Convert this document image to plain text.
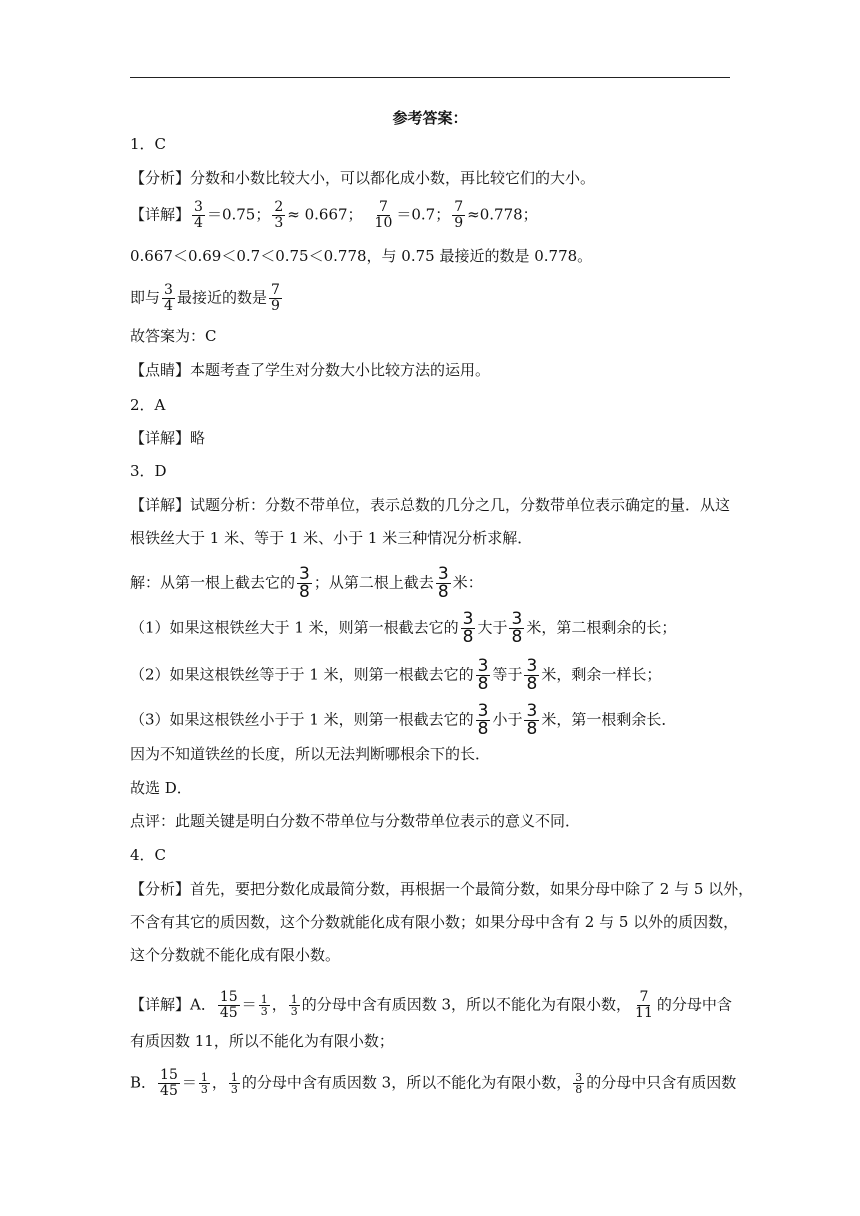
参考答案：
1．C
【分析】分数和小数比较大小，可以都化成小数，再比较它们的大小。
【详解】 $\frac{3}{4} =0.75$； $\frac{2}{3} \approx 0.667$； $\frac{7}{10} =0.7$； $\frac{7}{9} \approx 0.778$；
0.667＜0.69＜0.7＜0.75＜0.778，与 0.75 最接近的数是 0.778。
即与 $\frac{3}{4}$ 最接近的数是 $\frac{7}{9}$
故答案为：C
【点睛】本题考查了学生对分数大小比较方法的运用。
2．A
【详解】略
3．D
【详解】试题分析：分数不带单位，表示总数的几分之几，分数带单位表示确定的量．从这
根铁丝大于 1 米、等于 1 米、小于 1 米三种情况分析求解．
解：从第一根上截去它的 $\frac{3}{8}$ ；从第二根上截去 $\frac{3}{8}$ 米：
（1）如果这根铁丝大于 1 米，则第一根截去它的 $\frac{3}{8}$ 大于 $\frac{3}{8}$ 米，第二根剩余的长；
（2）如果这根铁丝等于于 1 米，则第一根截去它的 $\frac{3}{8}$ 等于 $\frac{3}{8}$ 米，剩余一样长；
（3）如果这根铁丝小于于 1 米，则第一根截去它的 $\frac{3}{8}$ 小于 $\frac{3}{8}$ 米，第一根剩余长．
因为不知道铁丝的长度，所以无法判断哪根余下的长．
故选 D．
点评：此题关键是明白分数不带单位与分数带单位表示的意义不同．
4．C
【分析】首先，要把分数化成最简分数，再根据一个最简分数，如果分母中除了 2 与 5 以外，
不含有其它的质因数，这个分数就能化成有限小数；如果分母中含有 2 与 5 以外的质因数，
这个分数就不能化成有限小数。
【详解】A． $\frac{15}{45} = \frac{1}{3}$ ， $\frac{1}{3}$ 的分母中含有质因数 3，所以不能化为有限小数， $\frac{7}{11}$ 的分母中含
有质因数 11，所以不能化为有限小数；
B． $\frac{15}{45} = \frac{1}{3}$ ， $\frac{1}{3}$ 的分母中含有质因数 3，所以不能化为有限小数， $\frac{3}{8}$ 的分母中只含有质因数
